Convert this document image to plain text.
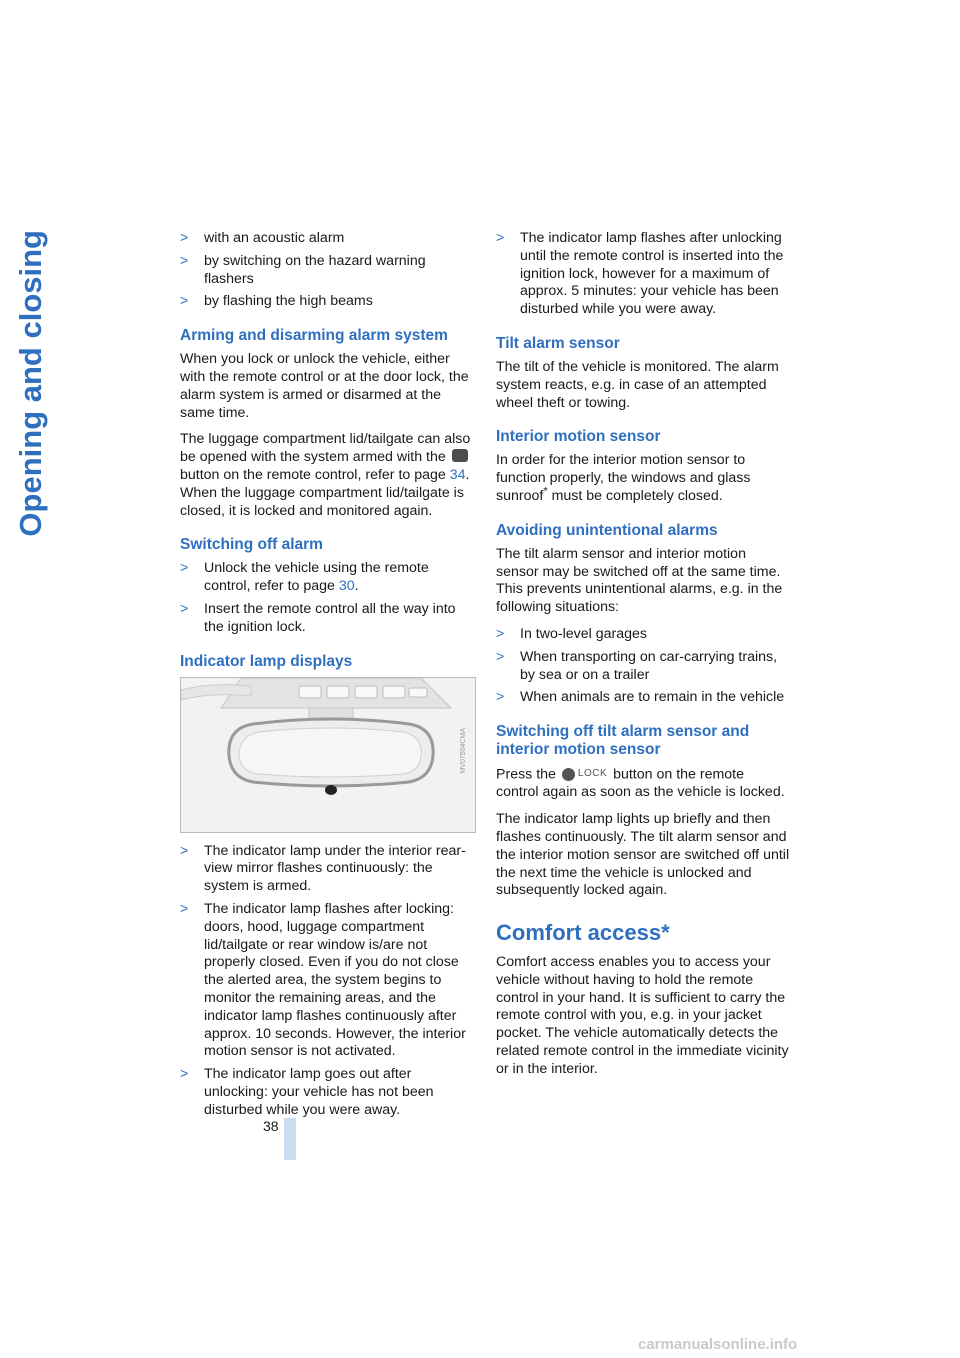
Opening and closing	> with an acoustic alarm
> by switching on the hazard warning flashers
> by flashing the high beams
Arming and disarming alarm system

When you lock or unlock the vehicle, either with the remote control or at the door lock, the alarm system is armed or disarmed at the same time.

The luggage compartment lid/tailgate can also be opened with the system armed with the  button on the remote control, refer to page 34. When the luggage compartment lid/tailgate is closed, it is locked and monitored again.

Switching off alarm
> Unlock the vehicle using the remote control, refer to page 30.
> Insert the remote control all the way into the ignition lock.
Indicator lamp displays
MV07504CMA
> The indicator lamp under the interior rear-view mirror flashes continuously: the system is armed.
> The indicator lamp flashes after locking: doors, hood, luggage compartment lid/tailgate or rear window is/are not properly closed. Even if you do not close the alerted area, the system begins to monitor the remaining areas, and the indicator lamp flashes continuously after approx. 10 seconds. However, the interior motion sensor is not activated.
> The indicator lamp goes out after unlocking: your vehicle has not been disturbed while you were away.
> The indicator lamp flashes after unlocking until the remote control is inserted into the ignition lock, however for a maximum of approx. 5 minutes: your vehicle has been disturbed while you were away.
Tilt alarm sensor

The tilt of the vehicle is monitored. The alarm system reacts, e.g. in case of an attempted wheel theft or towing.

Interior motion sensor

In order for the interior motion sensor to function properly, the windows and glass sunroof* must be completely closed.

Avoiding unintentional alarms

The tilt alarm sensor and interior motion sensor may be switched off at the same time. This prevents unintentional alarms, e.g. in the following situations:

> In two-level garages
> When transporting on car-carrying trains, by sea or on a trailer
> When animals are to remain in the vehicle
Switching off tilt alarm sensor and interior motion sensor

Press the LOCK button on the remote control again as soon as the vehicle is locked.

The indicator lamp lights up briefly and then flashes continuously. The tilt alarm sensor and the interior motion sensor are switched off until the next time the vehicle is unlocked and subsequently locked again.

Comfort access*

Comfort access enables you to access your vehicle without having to hold the remote control in your hand. It is sufficient to carry the remote control with you, e.g. in your jacket pocket. The vehicle automatically detects the related remote control in the immediate vicinity or in the interior.

38
carmanualsonline.info
